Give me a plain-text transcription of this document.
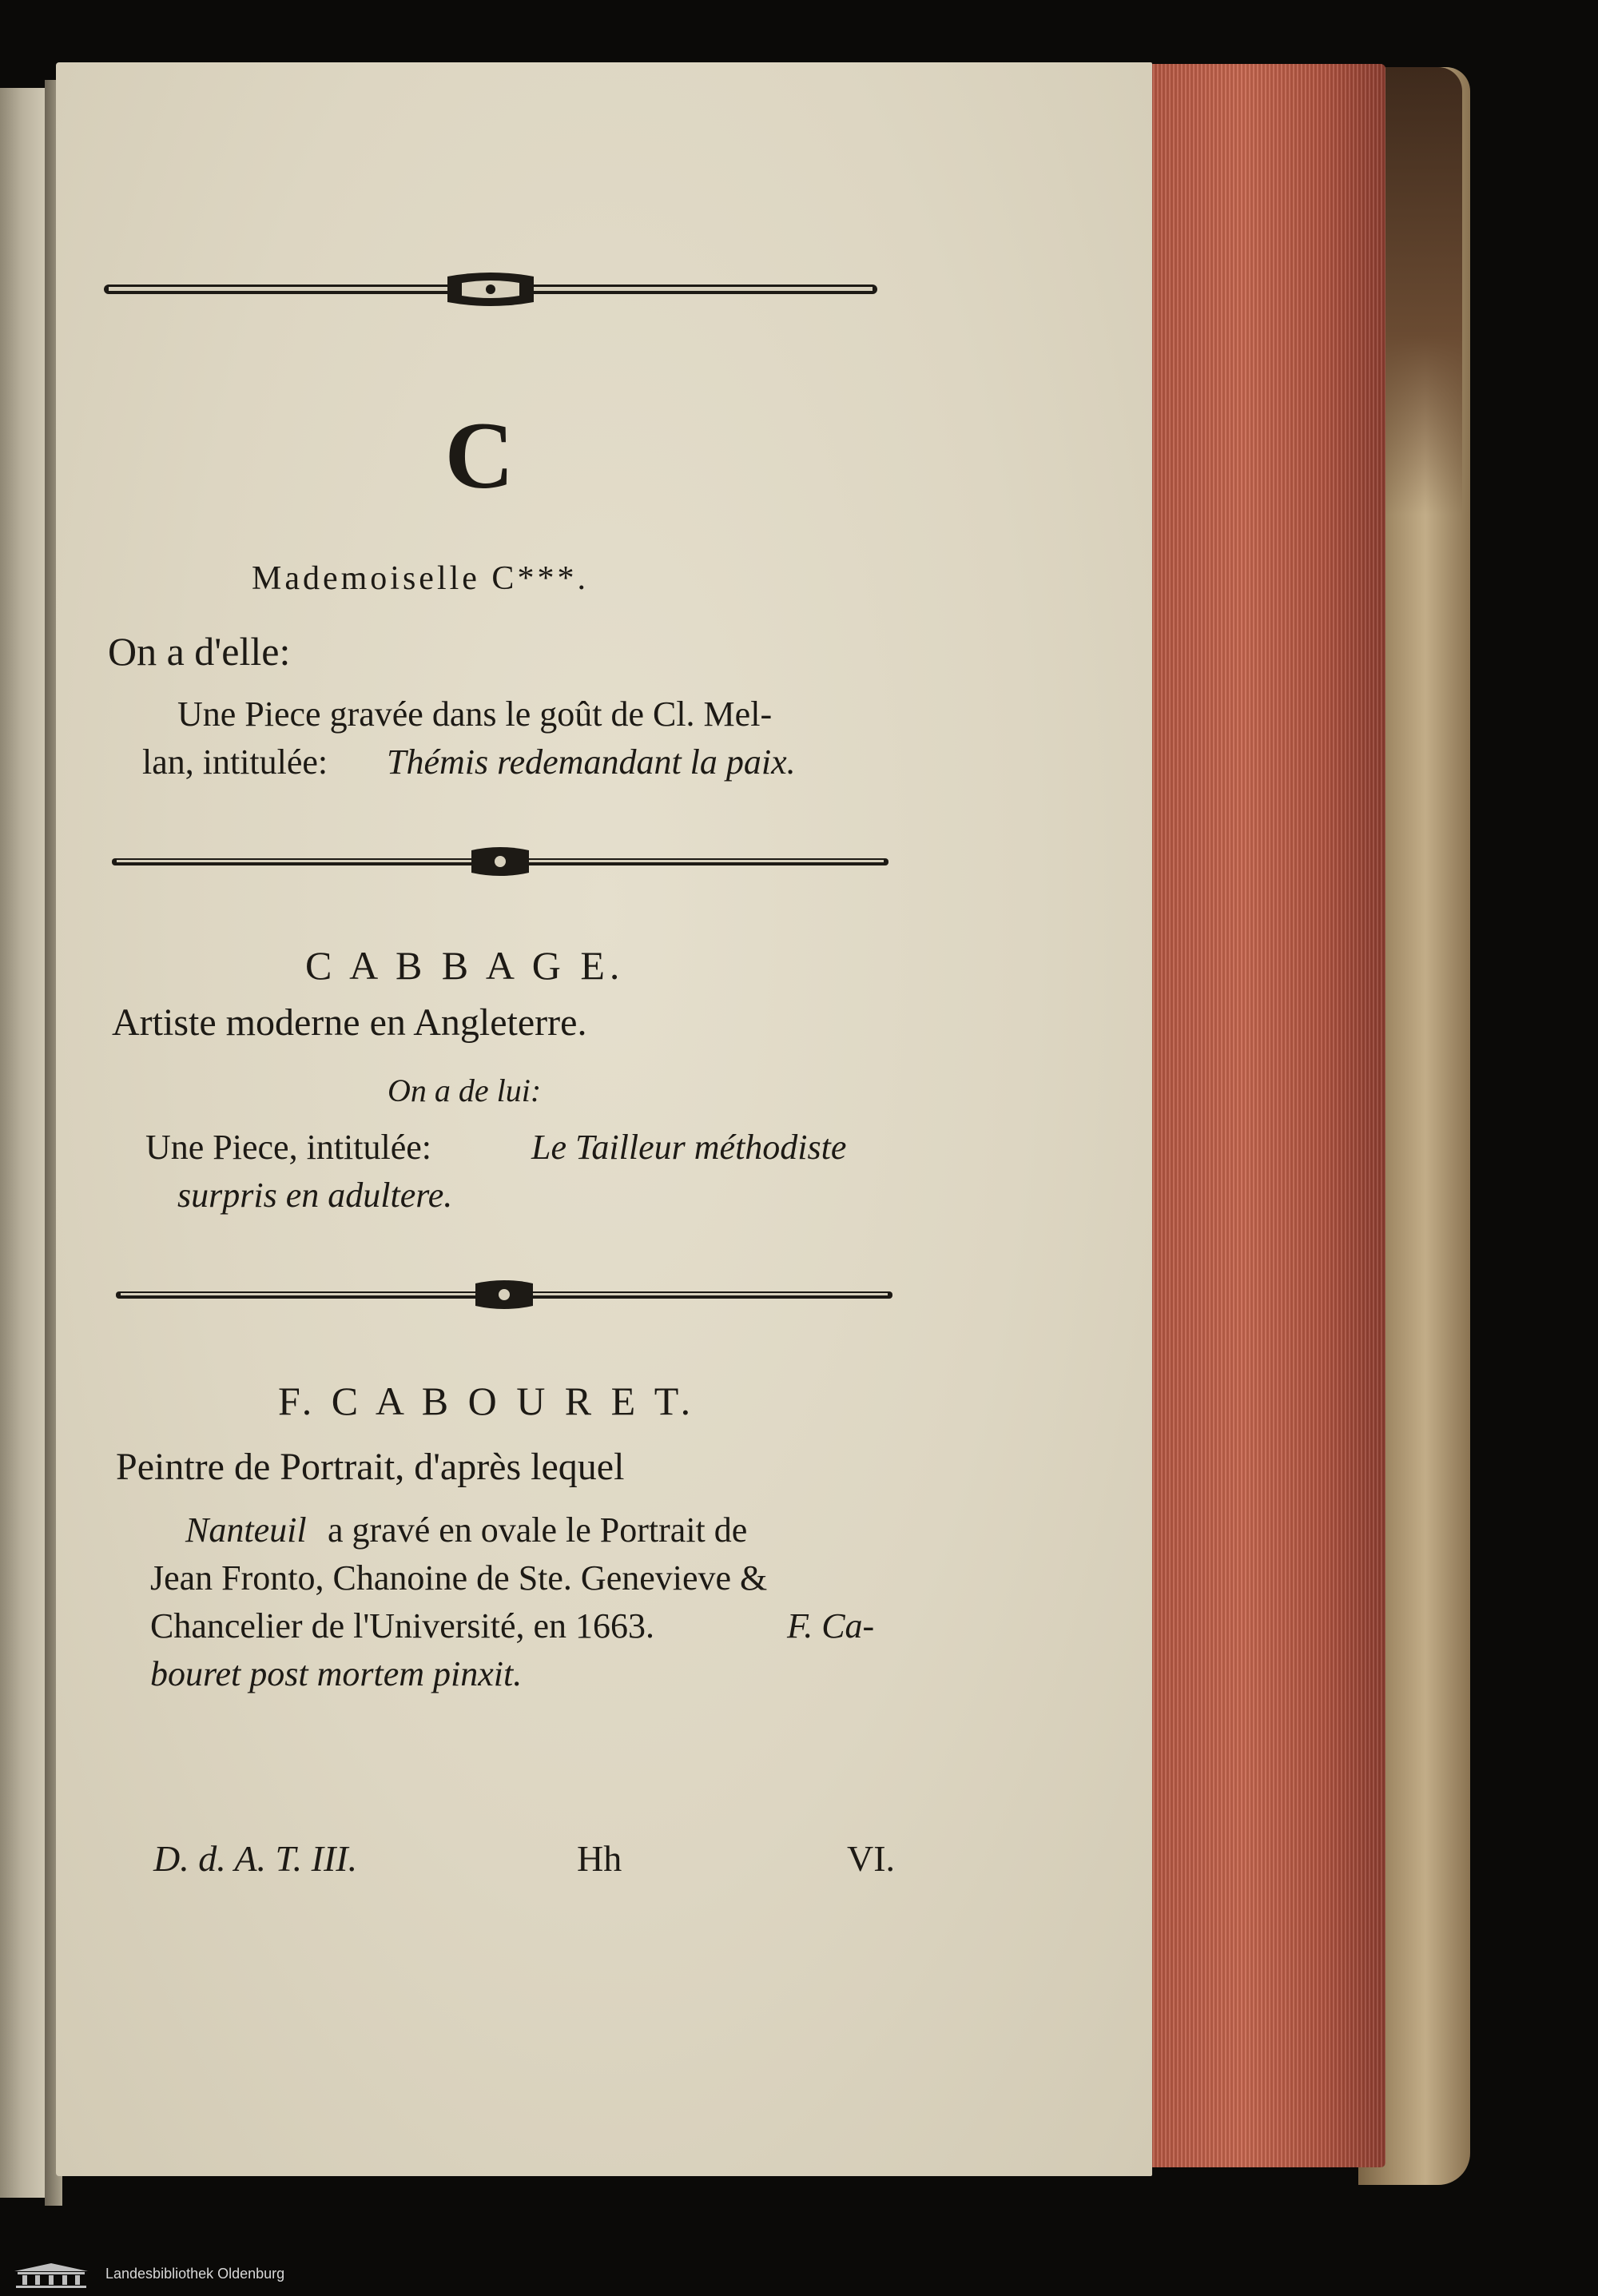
C
Mademoiselle C***.
On a d'elle:
Une Piece gravée dans le goût de Cl. Mel-
lan, intitulée: Thémis redemandant la paix.
C A B B A G E.
Artiste moderne en Angleterre.
On a de lui:
Une Piece, intitulée:	Le Tailleur méthodiste
surpris en adultere.
F. C A B O U R E T.
Peintre de Portrait, d'après lequel
Nanteuil a gravé en ovale le Portrait de
Jean Fronto, Chanoine de Ste. Genevieve &
Chancelier de l'Université, en 1663.	F. Ca-
bouret post mortem pinxit.
D. d. A. T. III.	Hh	VI.
Landesbibliothek Oldenburg
